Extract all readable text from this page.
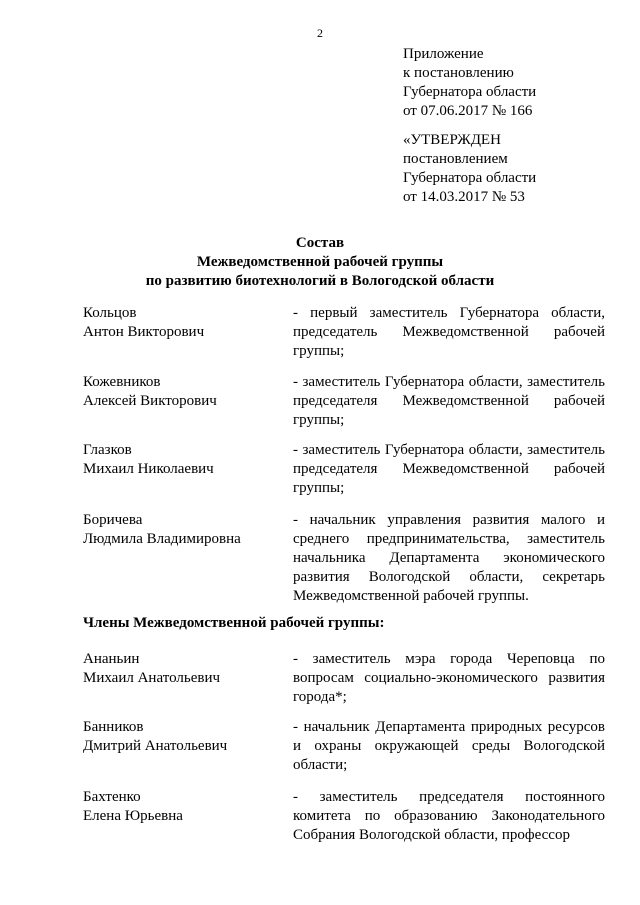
2
Приложение
к постановлению
Губернатора области
от 07.06.2017 № 166
«УТВЕРЖДЕН
постановлением
Губернатора области
от 14.03.2017 № 53
Состав
Межведомственной рабочей группы
по развитию биотехнологий в Вологодской области
Кольцов
Антон Викторович
- первый заместитель Губернатора области, председатель Межведомственной рабочей группы;
Кожевников
Алексей Викторович
- заместитель Губернатора области, заместитель председателя Межведомственной рабочей группы;
Глазков
Михаил Николаевич
- заместитель Губернатора области, заместитель председателя Межведомственной рабочей группы;
Боричева
Людмила Владимировна
- начальник управления развития малого и среднего предпринимательства, заместитель начальника Департамента экономического развития Вологодской области, секретарь Межведомственной рабочей группы.
Члены Межведомственной рабочей группы:
Ананьин
Михаил Анатольевич
- заместитель мэра города Череповца по вопросам социально-экономического развития города*;
Банников
Дмитрий Анатольевич
- начальник Департамента природных ресурсов и охраны окружающей среды Вологодской области;
Бахтенко
Елена Юрьевна
- заместитель председателя постоянного комитета по образованию Законодательного Собрания Вологодской области, профессор
